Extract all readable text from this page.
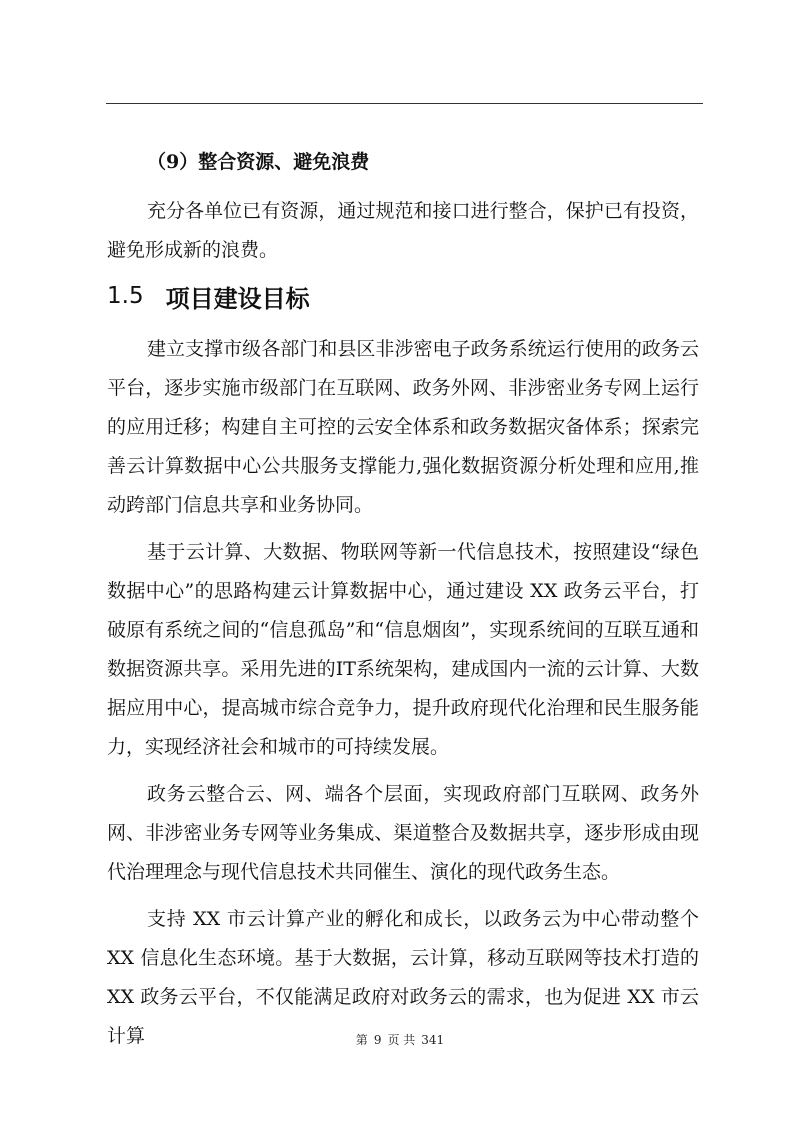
（9）整合资源、避免浪费

充分各单位已有资源，通过规范和接口进行整合，保护已有投资，避免形成新的浪费。

1.5 项目建设目标

建立支撑市级各部门和县区非涉密电子政务系统运行使用的政务云平台，逐步实施市级部门在互联网、政务外网、非涉密业务专网上运行的应用迁移；构建自主可控的云安全体系和政务数据灾备体系；探索完善云计算数据中心公共服务支撑能力,强化数据资源分析处理和应用,推动跨部门信息共享和业务协同。

基于云计算、大数据、物联网等新一代信息技术，按照建设“绿色数据中心”的思路构建云计算数据中心，通过建设 XX 政务云平台，打破原有系统之间的“信息孤岛”和“信息烟囱”，实现系统间的互联互通和数据资源共享。采用先进的IT系统架构，建成国内一流的云计算、大数据应用中心，提高城市综合竞争力，提升政府现代化治理和民生服务能力，实现经济社会和城市的可持续发展。

政务云整合云、网、端各个层面，实现政府部门互联网、政务外网、非涉密业务专网等业务集成、渠道整合及数据共享，逐步形成由现代治理理念与现代信息技术共同催生、演化的现代政务生态。

支持 XX 市云计算产业的孵化和成长，以政务云为中心带动整个 XX 信息化生态环境。基于大数据，云计算，移动互联网等技术打造的 XX 政务云平台，不仅能满足政府对政务云的需求，也为促进 XX 市云计算	第 9 页 共 341
